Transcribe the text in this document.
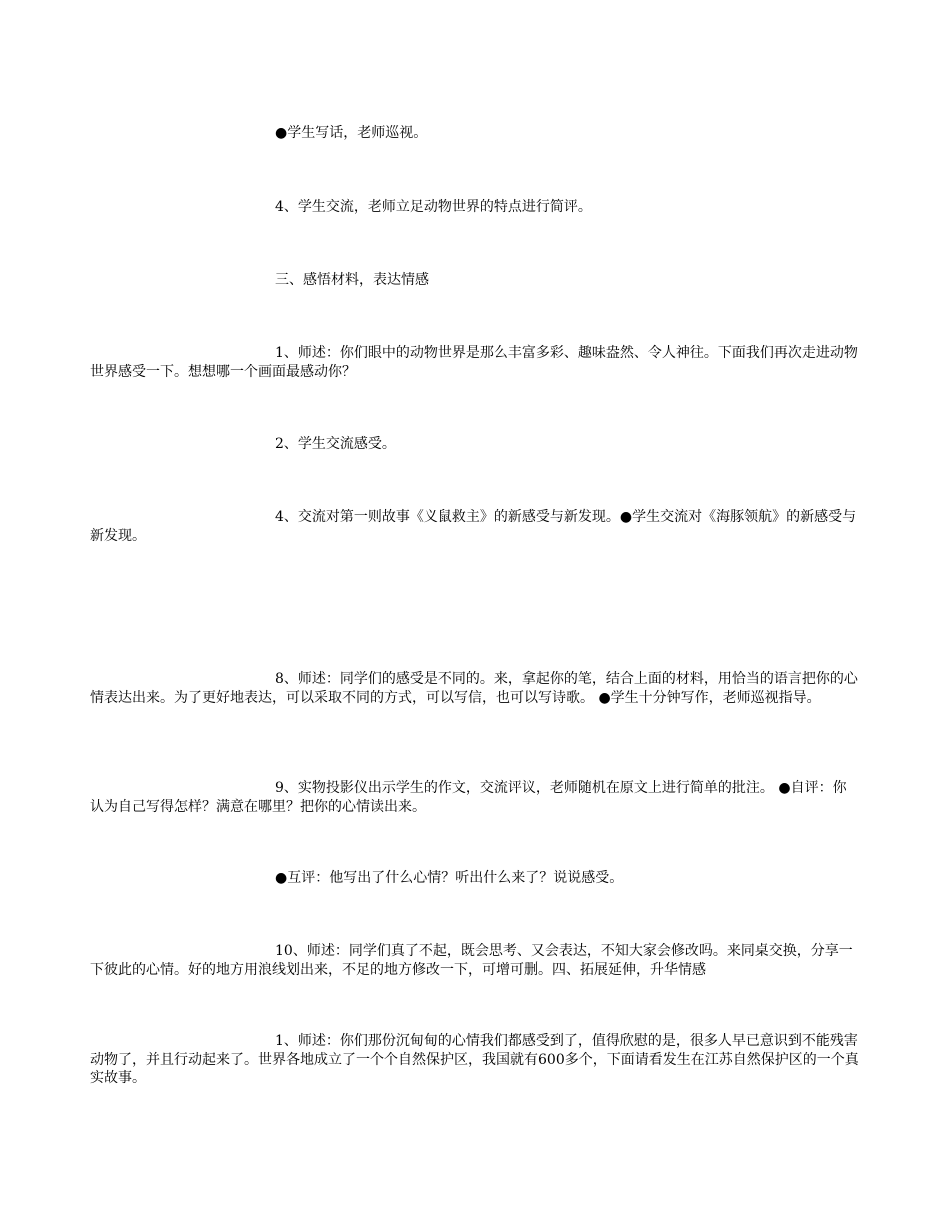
●学生写话，老师巡视。

4、学生交流，老师立足动物世界的特点进行简评。

三、感悟材料，表达情感

1、师述：你们眼中的动物世界是那么丰富多彩、趣味盎然、令人神往。下面我们再次走进动物世界感受一下。想想哪一个画面最感动你？

2、学生交流感受。

4、交流对第一则故事《义鼠救主》的新感受与新发现。●学生交流对《海豚领航》的新感受与新发现。

8、师述：同学们的感受是不同的。来，拿起你的笔，结合上面的材料，用恰当的语言把你的心情表达出来。为了更好地表达，可以采取不同的方式，可以写信，也可以写诗歌。 ●学生十分钟写作，老师巡视指导。

9、实物投影仪出示学生的作文，交流评议，老师随机在原文上进行简单的批注。 ●自评：你认为自己写得怎样？满意在哪里？把你的心情读出来。

●互评：他写出了什么心情？听出什么来了？说说感受。

10、师述：同学们真了不起，既会思考、又会表达，不知大家会修改吗。来同桌交换，分享一下彼此的心情。好的地方用浪线划出来，不足的地方修改一下，可增可删。四、拓展延伸，升华情感

1、师述：你们那份沉甸甸的心情我们都感受到了，值得欣慰的是，很多人早已意识到不能残害动物了，并且行动起来了。世界各地成立了一个个自然保护区，我国就有600多个，下面请看发生在江苏自然保护区的一个真实故事。
